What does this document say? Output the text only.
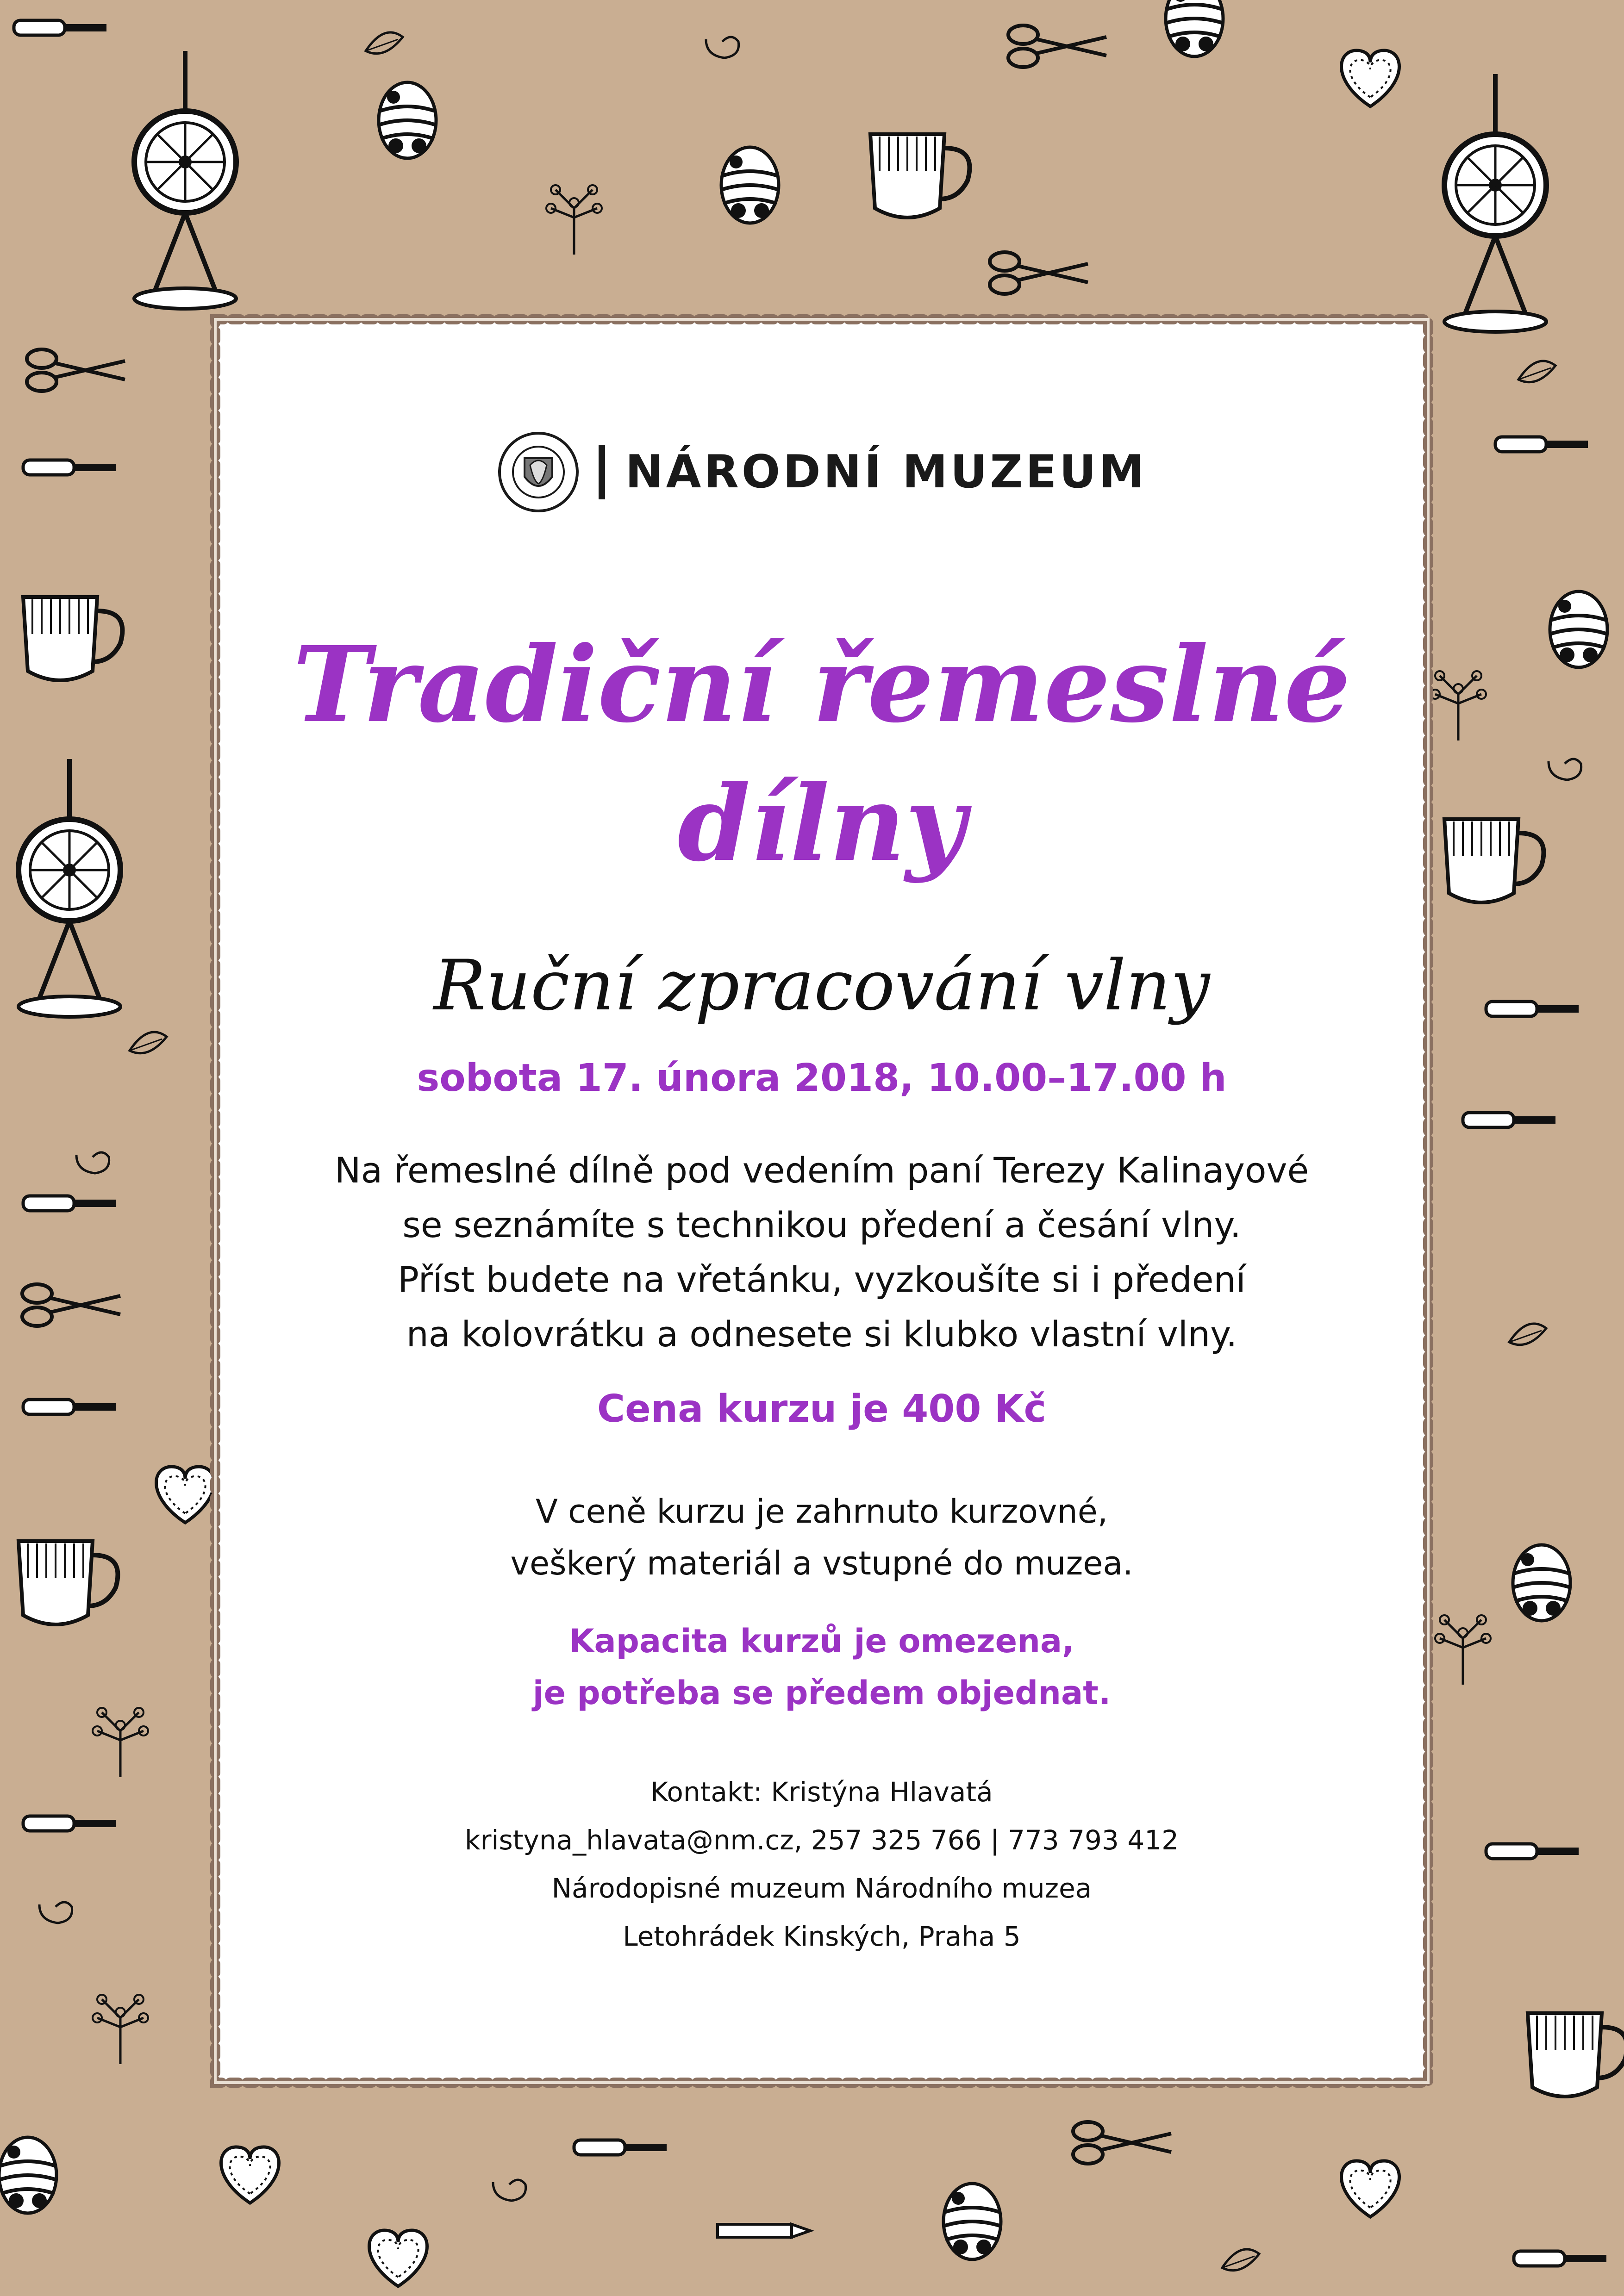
NÁRODNÍ MUZEUM
Tradiční řemeslné
dílny
Ruční zpracování vlny
sobota 17. února 2018, 10.00–17.00 h
Na řemeslné dílně pod vedením paní Terezy Kalinayové
se seznámíte s technikou předení a česání vlny.
Příst budete na vřetánku, vyzkoušíte si i předení
na kolovrátku a odnesete si klubko vlastní vlny.
Cena kurzu je 400 Kč
V ceně kurzu je zahrnuto kurzovné,
veškerý materiál a vstupné do muzea.
Kapacita kurzů je omezena,
je potřeba se předem objednat.
Kontakt: Kristýna Hlavatá
kristyna_hlavata@nm.cz, 257 325 766 | 773 793 412
Národopisné muzeum Národního muzea
Letohrádek Kinských, Praha 5
